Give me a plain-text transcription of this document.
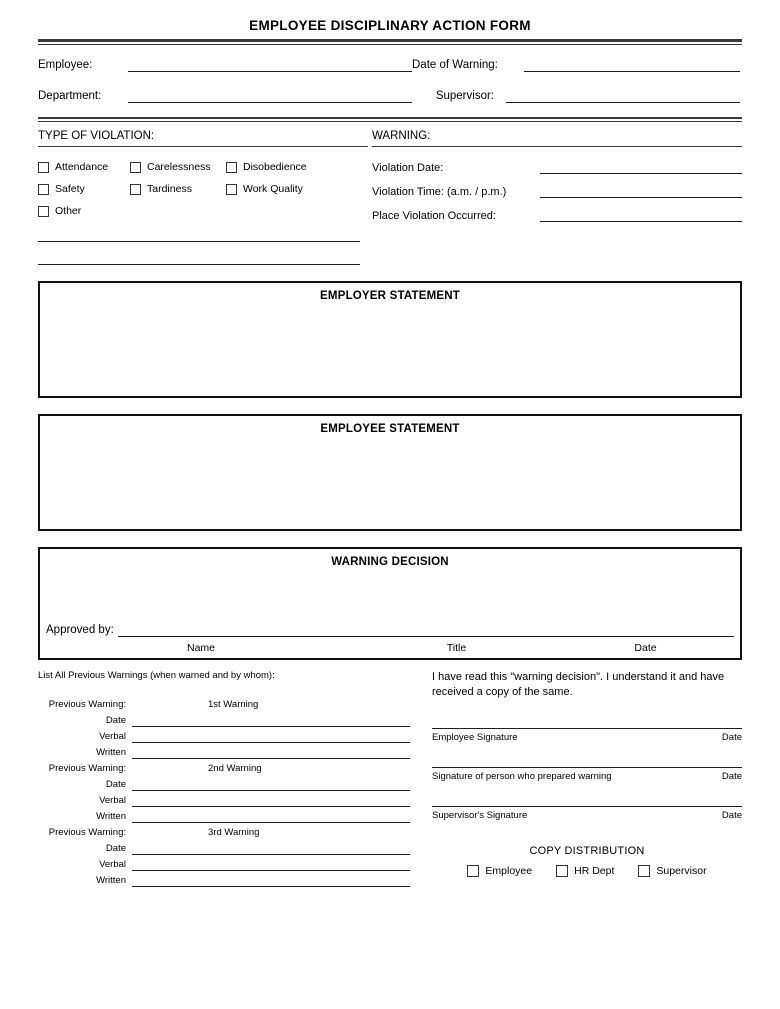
EMPLOYEE DISCIPLINARY ACTION FORM
Employee:	Date of Warning:
Department:	Supervisor:
TYPE OF VIOLATION:
Attendance	Carelessness	Disobedience
Safety	Tardiness	Work Quality
Other
WARNING:
Violation Date:
Violation Time: (a.m. / p.m.)
Place Violation Occurred:
EMPLOYER STATEMENT
EMPLOYEE STATEMENT
WARNING DECISION
Approved by:
Name	Title	Date
List All Previous Warnings (when warned and by whom):
Previous Warning:	1st Warning
Date
Verbal
Written
Previous Warning:	2nd Warning
Date
Verbal
Written
Previous Warning:	3rd Warning
Date
Verbal
Written
I have read this "warning decision". I understand it and have received a copy of the same.
Employee Signature	Date
Signature of person who prepared warning	Date
Supervisor's Signature	Date
COPY DISTRIBUTION
Employee	HR Dept	Supervisor
